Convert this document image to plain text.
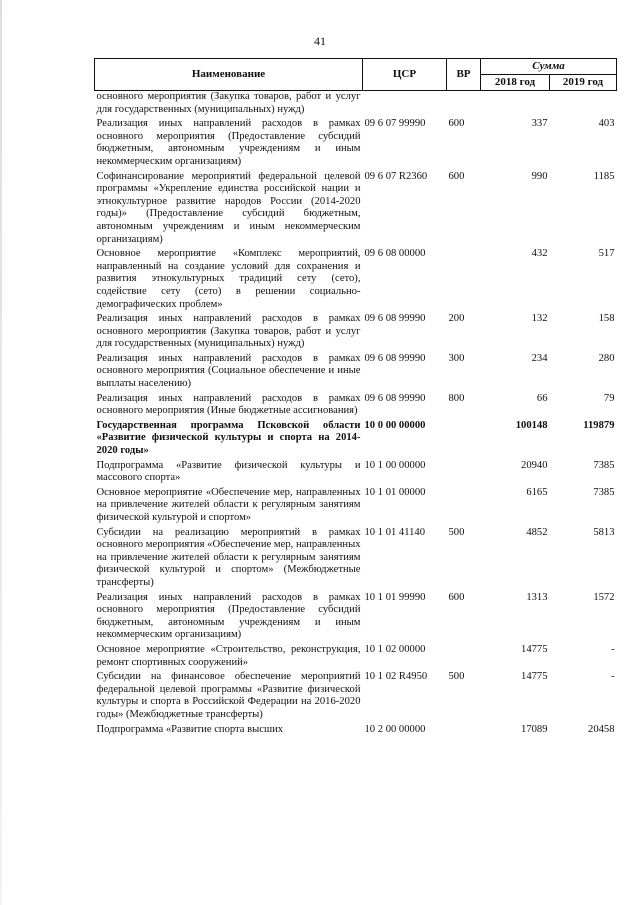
41
Наименование	ЦСР	ВР	Сумма	
			2018 год	2019 год
основного мероприятия (Закупка товаров, работ и услуг для государственных (муниципальных) нужд)				
Реализация иных направлений расходов в рамках основного мероприятия (Предоставление субсидий бюджетным, автономным учреждениям и иным некоммерческим организациям)	09 6 07 99990	600	337	403
Софинансирование мероприятий федеральной целевой программы «Укрепление единства российской нации и этнокультурное развитие народов России (2014-2020 годы)» (Предоставление субсидий бюджетным, автономным учреждениям и иным некоммерческим организациям)	09 6 07 R2360	600	990	1185
Основное мероприятие «Комплекс мероприятий, направленный на создание условий для сохранения и развития этнокультурных традиций сету (сето), содействие сету (сето) в решении социально-демографических проблем»	09 6 08 00000		432	517
Реализация иных направлений расходов в рамках основного мероприятия (Закупка товаров, работ и услуг для государственных (муниципальных) нужд)	09 6 08 99990	200	132	158
Реализация иных направлений расходов в рамках основного мероприятия (Социальное обеспечение и иные выплаты населению)	09 6 08 99990	300	234	280
Реализация иных направлений расходов в рамках основного мероприятия (Иные бюджетные ассигнования)	09 6 08 99990	800	66	79
Государственная программа Псковской области «Развитие физической культуры и спорта на 2014-2020 годы»	10 0 00 00000		100148	119879
Подпрограмма «Развитие физической культуры и массового спорта»	10 1 00 00000		20940	7385
Основное мероприятие «Обеспечение мер, направленных на привлечение жителей области к регулярным занятиям физической культурой и спортом»	10 1 01 00000		6165	7385
Субсидии на реализацию мероприятий в рамках основного мероприятия «Обеспечение мер, направленных на привлечение жителей области к регулярным занятиям физической культурой и спортом» (Межбюджетные трансферты)	10 1 01 41140	500	4852	5813
Реализация иных направлений расходов в рамках основного мероприятия (Предоставление субсидий бюджетным, автономным учреждениям и иным некоммерческим организациям)	10 1 01 99990	600	1313	1572
Основное мероприятие «Строительство, реконструкция, ремонт спортивных сооружений»	10 1 02 00000		14775	-
Субсидии на финансовое обеспечение мероприятий федеральной целевой программы «Развитие физической культуры и спорта в Российской Федерации на 2016-2020 годы» (Межбюджетные трансферты)	10 1 02 R4950	500	14775	-
Подпрограмма «Развитие спорта высших	10 2 00 00000		17089	20458
